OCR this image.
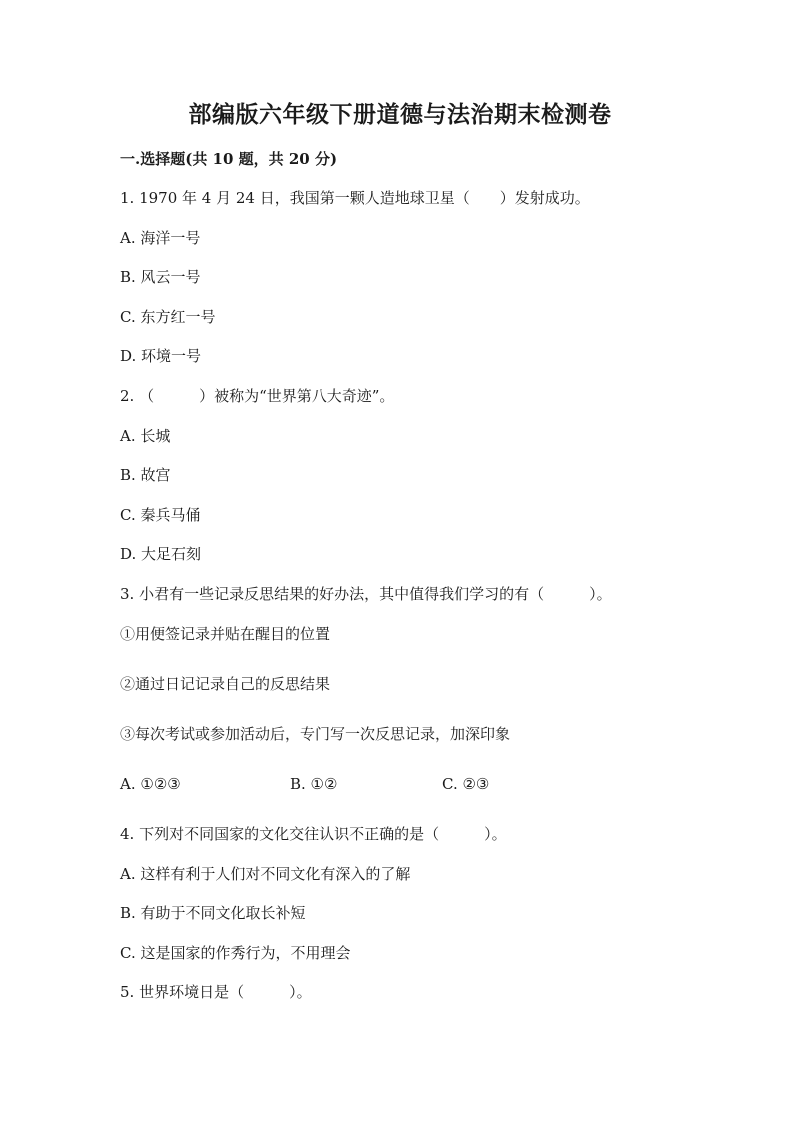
部编版六年级下册道德与法治期末检测卷
一.选择题(共 10 题，共 20 分)
1. 1970 年 4 月 24 日，我国第一颗人造地球卫星（　　）发射成功。
A. 海洋一号
B. 风云一号
C. 东方红一号
D. 环境一号
2. （　　　）被称为“世界第八大奇迹”。
A. 长城
B. 故宫
C. 秦兵马俑
D. 大足石刻
3. 小君有一些记录反思结果的好办法，其中值得我们学习的有（　　　）。
①用便签记录并贴在醒目的位置
②通过日记记录自己的反思结果
③每次考试或参加活动后，专门写一次反思记录，加深印象
A. ①②③	B. ①②	C. ②③
4. 下列对不同国家的文化交往认识不正确的是（　　　）。
A. 这样有利于人们对不同文化有深入的了解
B. 有助于不同文化取长补短
C. 这是国家的作秀行为，不用理会
5. 世界环境日是（　　　）。
